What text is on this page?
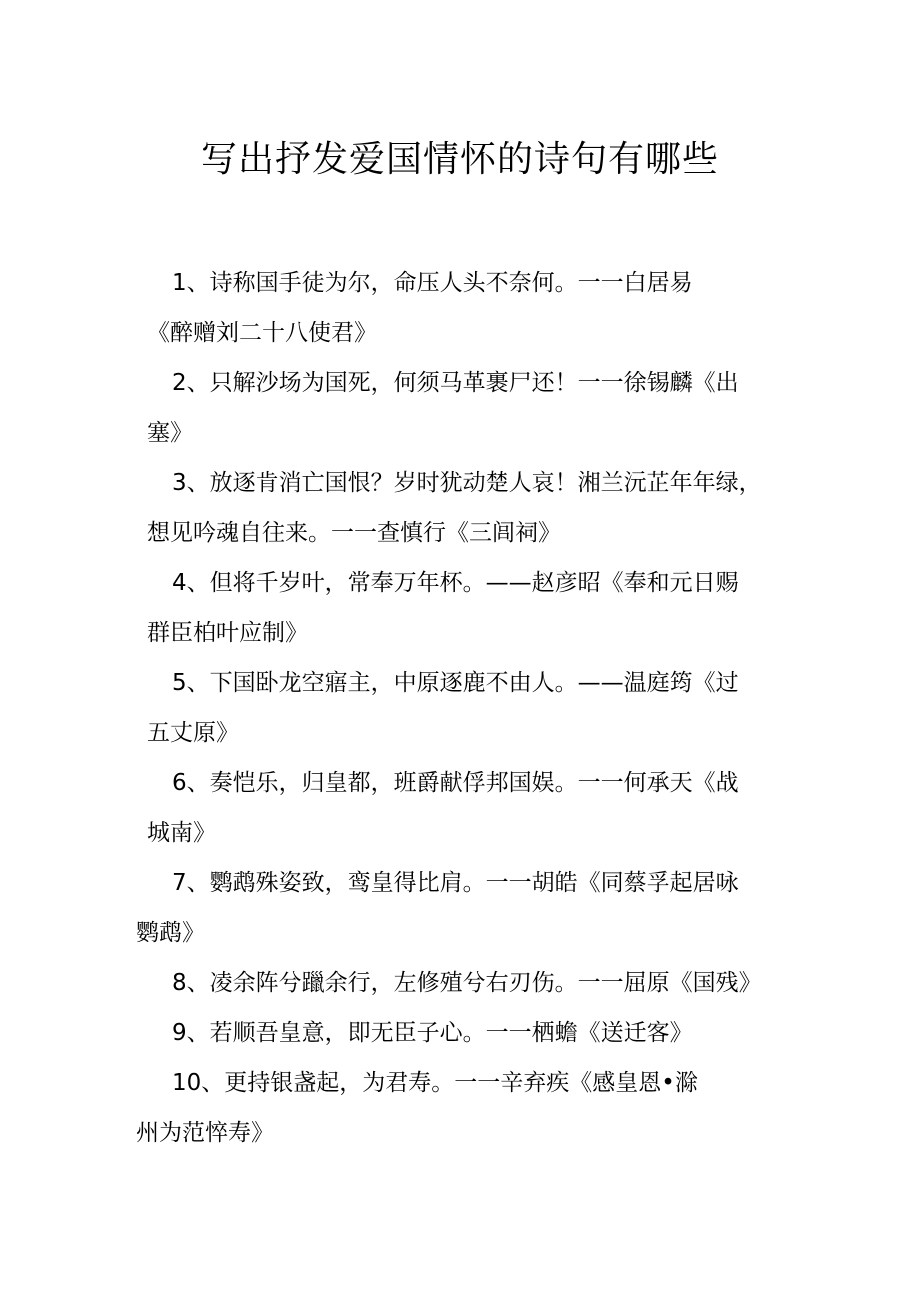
写出抒发爱国情怀的诗句有哪些
1、诗称国手徒为尔，命压人头不奈何。一一白居易
《醉赠刘二十八使君》
2、只解沙场为国死，何须马革裹尸还！一一徐锡麟《出
塞》
3、放逐肯消亡国恨？岁时犹动楚人哀！湘兰沅芷年年绿，
想见吟魂自往来。一一查慎行《三闾祠》
4、但将千岁叶，常奉万年杯。——赵彦昭《奉和元日赐
群臣柏叶应制》
5、下国卧龙空寤主，中原逐鹿不由人。——温庭筠《过
五丈原》
6、奏恺乐，归皇都，班爵献俘邦国娱。一一何承天《战
城南》
7、鹦鹉殊姿致，鸾皇得比肩。一一胡皓《同蔡孚起居咏
鹦鹉》
8、凌余阵兮躐余行，左修殖兮右刃伤。一一屈原《国残》
9、若顺吾皇意，即无臣子心。一一栖蟾《送迁客》
10、更持银盏起，为君寿。一一辛弃疾《感皇恩•滁
州为范悴寿》
